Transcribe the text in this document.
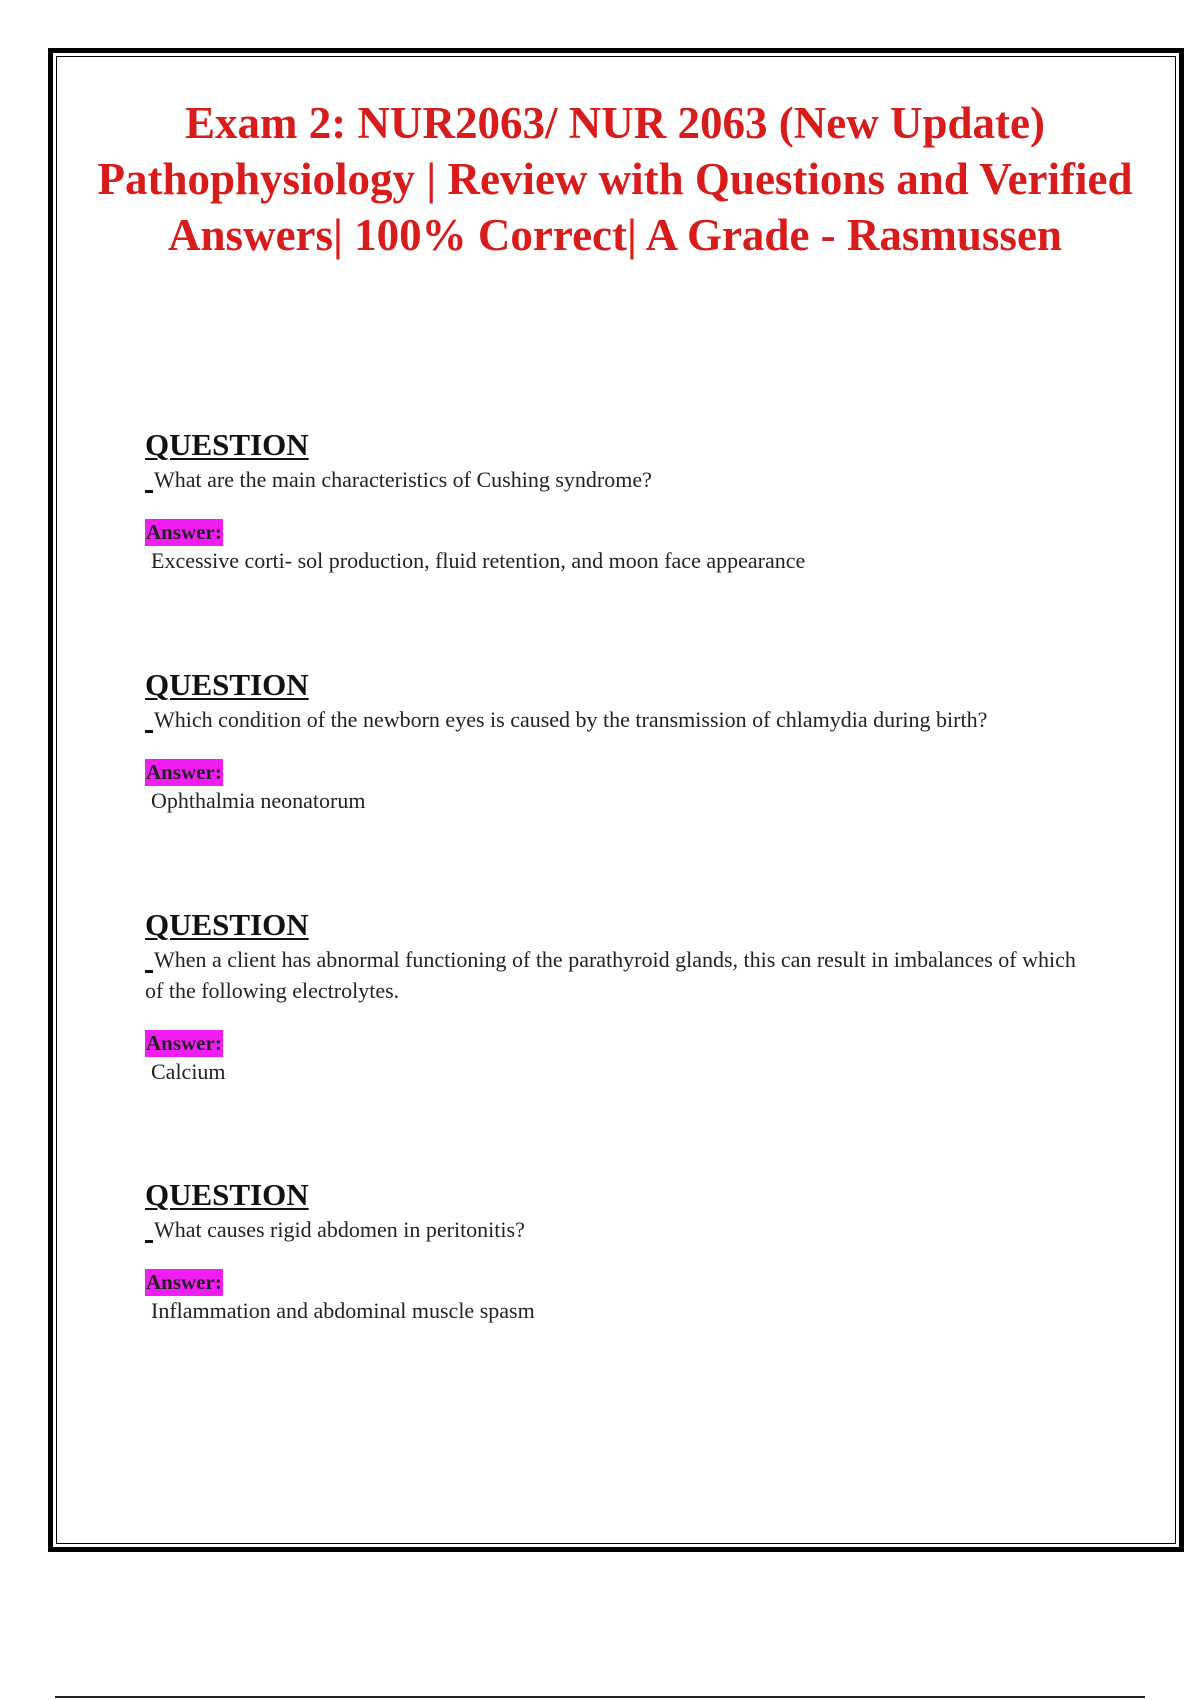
Exam 2: NUR2063/ NUR 2063 (New Update) Pathophysiology | Review with Questions and Verified Answers| 100% Correct| A Grade - Rasmussen
QUESTION
What are the main characteristics of Cushing syndrome?
Answer:
Excessive corti- sol production, fluid retention, and moon face appearance
QUESTION
Which condition of the newborn eyes is caused by the transmission of chlamydia during birth?
Answer:
Ophthalmia neonatorum
QUESTION
When a client has abnormal functioning of the parathyroid glands, this can result in imbalances of which of the following electrolytes.
Answer:
Calcium
QUESTION
What causes rigid abdomen in peritonitis?
Answer:
Inflammation and abdominal muscle spasm
